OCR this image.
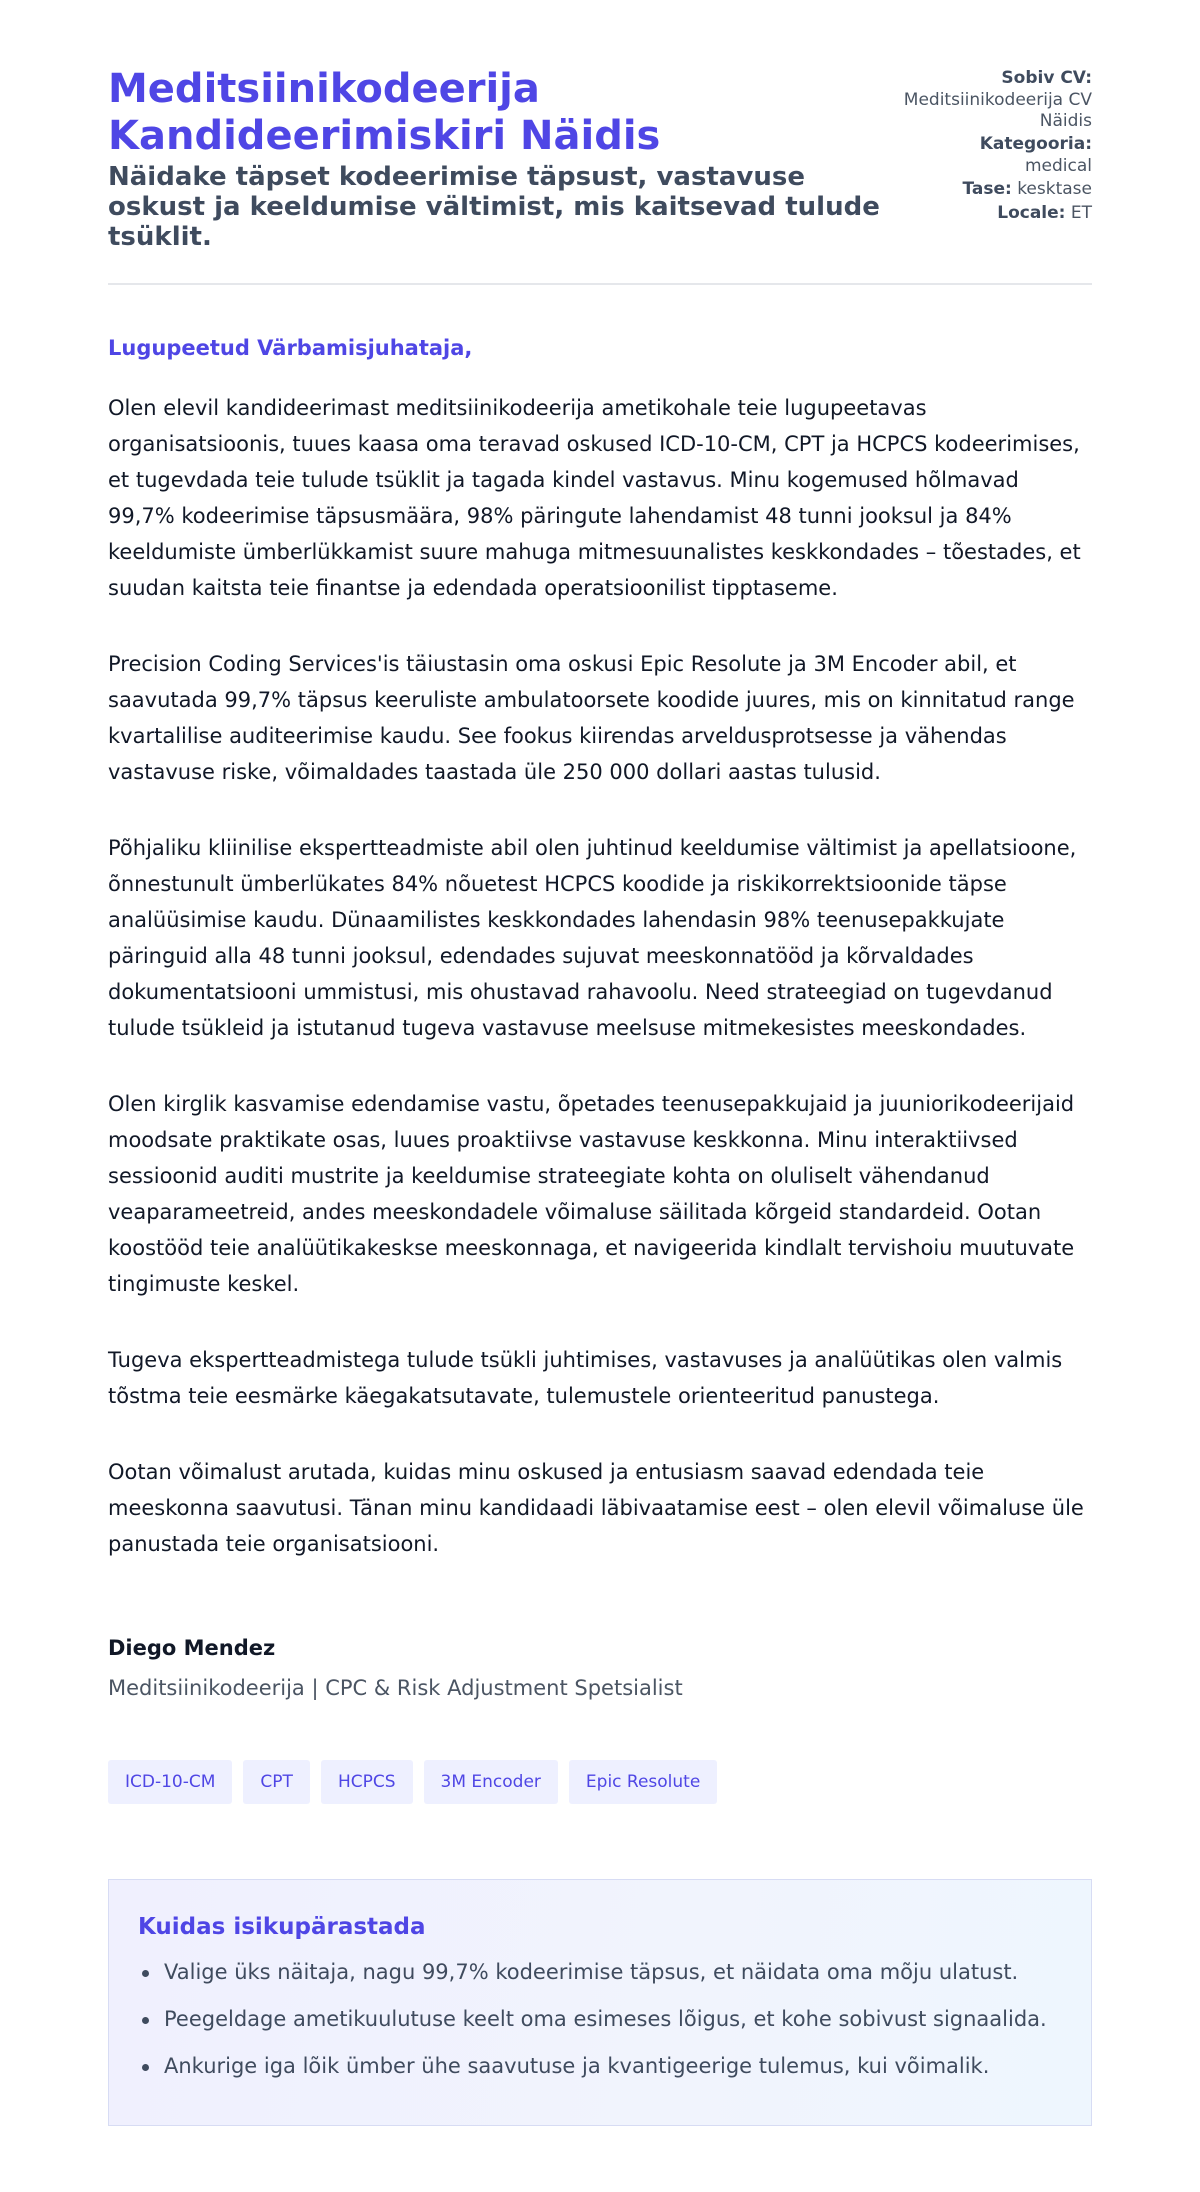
Meditsiinikodeerija Kandideerimiskiri Näidis
Näidake täpset kodeerimise täpsust, vastavuse oskust ja keeldumise vältimist, mis kaitsevad tulude tsüklit.
Sobiv CV:
Meditsiinikodeerija CV Näidis
Kategooria:
medical
Tase: kesktase
Locale: ET
Lugupeetud Värbamisjuhataja,

Olen elevil kandideerimast meditsiinikodeerija ametikohale teie lugupeetavas organisatsioonis, tuues kaasa oma teravad oskused ICD-10-CM, CPT ja HCPCS kodeerimises, et tugevdada teie tulude tsüklit ja tagada kindel vastavus. Minu kogemused hõlmavad 99,7% kodeerimise täpsusmäära, 98% päringute lahendamist 48 tunni jooksul ja 84% keeldumiste ümberlükkamist suure mahuga mitmesuunalistes keskkondades – tõestades, et suudan kaitsta teie finantse ja edendada operatsioonilist tipptaseme.

Precision Coding Services'is täiustasin oma oskusi Epic Resolute ja 3M Encoder abil, et saavutada 99,7% täpsus keeruliste ambulatoorsete koodide juures, mis on kinnitatud range kvartalilise auditeerimise kaudu. See fookus kiirendas arveldusprotsesse ja vähendas vastavuse riske, võimaldades taastada üle 250 000 dollari aastas tulusid.

Põhjaliku kliinilise ekspertteadmiste abil olen juhtinud keeldumise vältimist ja apellatsioone, õnnestunult ümberlükates 84% nõuetest HCPCS koodide ja riskikorrektsioonide täpse analüüsimise kaudu. Dünaamilistes keskkondades lahendasin 98% teenusepakkujate päringuid alla 48 tunni jooksul, edendades sujuvat meeskonnatööd ja kõrvaldades dokumentatsiooni ummistusi, mis ohustavad rahavoolu. Need strateegiad on tugevdanud tulude tsükleid ja istutanud tugeva vastavuse meelsuse mitmekesistes meeskondades.

Olen kirglik kasvamise edendamise vastu, õpetades teenusepakkujaid ja juuniorikodeerijaid moodsate praktikate osas, luues proaktiivse vastavuse keskkonna. Minu interaktiivsed sessioonid auditi mustrite ja keeldumise strateegiate kohta on oluliselt vähendanud veaparameetreid, andes meeskondadele võimaluse säilitada kõrgeid standardeid. Ootan koostööd teie analüütikakeskse meeskonnaga, et navigeerida kindlalt tervishoiu muutuvate tingimuste keskel.

Tugeva ekspertteadmistega tulude tsükli juhtimises, vastavuses ja analüütikas olen valmis tõstma teie eesmärke käegakatsutavate, tulemustele orienteeritud panustega.

Ootan võimalust arutada, kuidas minu oskused ja entusiasm saavad edendada teie meeskonna saavutusi. Tänan minu kandidaadi läbivaatamise eest – olen elevil võimaluse üle panustada teie organisatsiooni.

Diego Mendez
Meditsiinikodeerija | CPC & Risk Adjustment Spetsialist
ICD-10-CM	CPT	HCPCS	3M Encoder	Epic Resolute
Kuidas isikupärastada
Valige üks näitaja, nagu 99,7% kodeerimise täpsus, et näidata oma mõju ulatust.
Peegeldage ametikuulutuse keelt oma esimeses lõigus, et kohe sobivust signaalida.
Ankurige iga lõik ümber ühe saavutuse ja kvantigeerige tulemus, kui võimalik.
